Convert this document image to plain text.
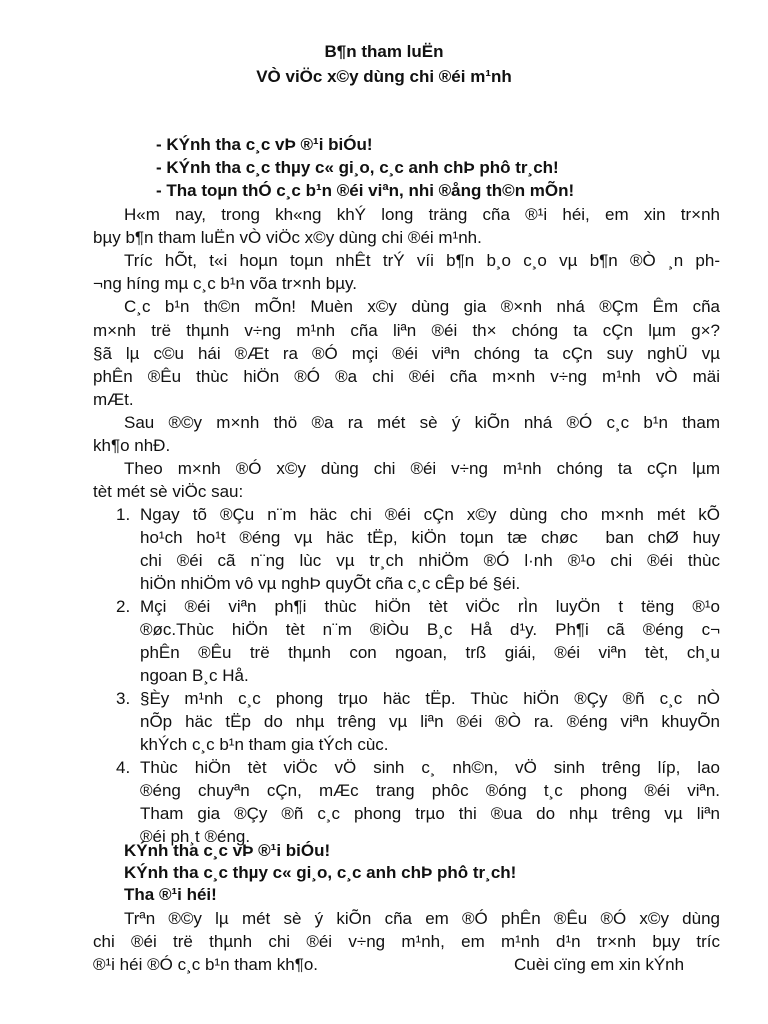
B¶n tham luËn
VÒ viÖc x©y dùng chi ®éi m¹nh
- KÝnh tha c¸c vÞ ®¹i biÓu!
- KÝnh tha c¸c thµy c« gi¸o, c¸c anh chÞ phô tr¸ch!
- Tha toµn thÓ c¸c b¹n ®éi viªn, nhi ®ång th©n mÕn!
H«m nay, trong kh«ng khÝ long träng cña ®¹i héi, em xin tr×nh
bµy b¶n tham luËn vÒ viÖc x©y dùng chi ®éi m¹nh.
Tríc hÕt, t«i hoµn toµn nhÊt trÝ víi b¶n b¸o c¸o vµ b¶n ®Ò ¸n ph-
¬ng híng mµ c¸c b¹n võa tr×nh bµy.
C¸c b¹n th©n mÕn! Muèn x©y dùng gia ®×nh nhá ®Çm Êm cña
m×nh trë thµnh v÷ng m¹nh cña liªn ®éi th× chóng ta cÇn lµm g×?
§ã lµ c©u hái ®Æt ra ®Ó mçi ®éi viªn chóng ta cÇn suy nghÜ vµ
phÊn ®Êu thùc hiÖn ®Ó ®a chi ®éi cña m×nh v÷ng m¹nh vÒ mäi
mÆt.
Sau ®©y m×nh thö ®a ra mét sè ý kiÕn nhá ®Ó c¸c b¹n tham
kh¶o nhÐ.
Theo m×nh ®Ó x©y dùng chi ®éi v÷ng m¹nh chóng ta cÇn lµm
tèt mét sè viÖc sau:
1. Ngay tõ ®Çu n¨m häc chi ®éi cÇn x©y dùng cho m×nh mét kÕ
ho¹ch ho¹t ®éng vµ häc tËp, kiÖn toµn tæ chøc  ban chØ huy
chi ®éi cã n¨ng lùc vµ tr¸ch nhiÖm ®Ó l·nh ®¹o chi ®éi thùc
hiÖn nhiÖm vô vµ nghÞ quyÕt cña c¸c cÊp bé §éi.
2. Mçi ®éi viªn ph¶i thùc hiÖn tèt viÖc rÌn luyÖn t tëng ®¹o
®øc.Thùc hiÖn tèt n¨m ®iÒu B¸c Hå d¹y. Ph¶i cã ®éng c¬
phÊn ®Êu trë thµnh con ngoan, trß giái, ®éi viªn tèt, ch¸u
ngoan B¸c Hå.
3. §Èy m¹nh c¸c phong trµo häc tËp. Thùc hiÖn ®Çy ®ñ c¸c nÒ
nÕp häc tËp do nhµ trêng vµ liªn ®éi ®Ò ra. ®éng viªn khuyÕn
khÝch c¸c b¹n tham gia tÝch cùc.
4. Thùc hiÖn tèt viÖc vÖ sinh c¸ nh©n, vÖ sinh trêng líp, lao
®éng chuyªn cÇn, mÆc trang phôc ®óng t¸c phong ®éi viªn.
Tham gia ®Çy ®ñ c¸c phong trµo thi ®ua do nhµ trêng vµ liªn
®éi ph¸t ®éng.
KÝnh tha c¸c vÞ ®¹i biÓu!
KÝnh tha c¸c thµy c« gi¸o, c¸c anh chÞ phô tr¸ch!
Tha ®¹i héi!
Trªn ®©y lµ mét sè ý kiÕn cña em ®Ó phÊn ®Êu ®Ó x©y dùng
chi ®éi trë thµnh chi ®éi v÷ng m¹nh, em m¹nh d¹n tr×nh bµy tríc
®¹i héi ®Ó c¸c b¹n tham kh¶o.	Cuèi cïng em xin kÝnh
